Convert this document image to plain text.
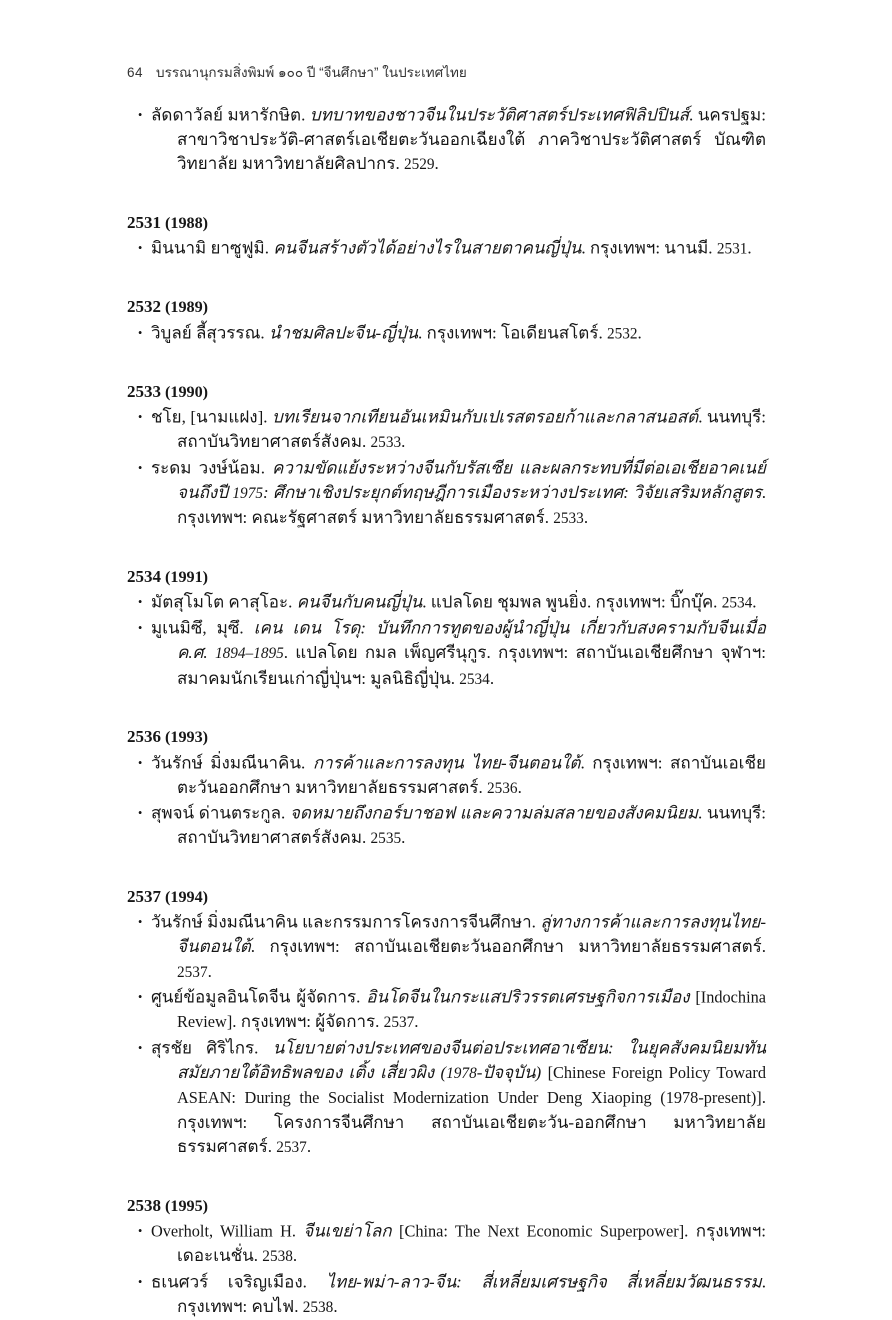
64 บรรณานุกรมสิ่งพิมพ์ ๑๐๐ ปี “จีนศึกษา” ในประเทศไทย
• ลัดดาวัลย์ มหารักษิต. บทบาทของชาวจีนในประวัติศาสตร์ประเทศฟิลิปปินส์. นครปฐม: สาขาวิชาประวัติ-ศาสตร์เอเชียตะวันออกเฉียงใต้ ภาควิชาประวัติศาสตร์ บัณฑิตวิทยาลัย มหาวิทยาลัยศิลปากร. 2529.
2531 (1988)
• มินนามิ ยาซูฟูมิ. คนจีนสร้างตัวได้อย่างไรในสายตาคนญี่ปุ่น. กรุงเทพฯ: นานมี. 2531.
2532 (1989)
• วิบูลย์ ลี้สุวรรณ. นำชมศิลปะจีน-ญี่ปุ่น. กรุงเทพฯ: โอเดียนสโตร์. 2532.
2533 (1990)
• ชโย, [นามแฝง]. บทเรียนจากเทียนอันเหมินกับเปเรสตรอยก้าและกลาสนอสต์. นนทบุรี: สถาบันวิทยาศาสตร์สังคม. 2533.
• ระดม วงษ์น้อม. ความขัดแย้งระหว่างจีนกับรัสเซีย และผลกระทบที่มีต่อเอเชียอาคเนย์จนถึงปี 1975: ศึกษาเชิงประยุกต์ทฤษฎีการเมืองระหว่างประเทศ: วิจัยเสริมหลักสูตร. กรุงเทพฯ: คณะรัฐศาสตร์ มหาวิทยาลัยธรรมศาสตร์. 2533.
2534 (1991)
• มัตสุโมโต คาสุโอะ. คนจีนกับคนญี่ปุ่น. แปลโดย ชุมพล พูนยิ่ง. กรุงเทพฯ: บิ๊กบุ๊ค. 2534.
• มูเนมิซึ, มุซึ. เคน เดน โรดุ: บันทึกการทูตของผู้นำญี่ปุ่น เกี่ยวกับสงครามกับจีนเมื่อ ค.ศ. 1894–1895. แปลโดย กมล เพ็ญศรีนุกูร. กรุงเทพฯ: สถาบันเอเชียศึกษา จุฬาฯ: สมาคมนักเรียนเก่าญี่ปุ่นฯ: มูลนิธิญี่ปุ่น. 2534.
2536 (1993)
• วันรักษ์ มิ่งมณีนาคิน. การค้าและการลงทุน ไทย-จีนตอนใต้. กรุงเทพฯ: สถาบันเอเชียตะวันออกศึกษา มหาวิทยาลัยธรรมศาสตร์. 2536.
• สุพจน์ ด่านตระกูล. จดหมายถึงกอร์บาชอฟ และความล่มสลายของสังคมนิยม. นนทบุรี: สถาบันวิทยาศาสตร์สังคม. 2535.
2537 (1994)
• วันรักษ์ มิ่งมณีนาคิน และกรรมการโครงการจีนศึกษา. ลู่ทางการค้าและการลงทุนไทย-จีนตอนใต้. กรุงเทพฯ: สถาบันเอเชียตะวันออกศึกษา มหาวิทยาลัยธรรมศาสตร์. 2537.
• ศูนย์ข้อมูลอินโดจีน ผู้จัดการ. อินโดจีนในกระแสปริวรรตเศรษฐกิจการเมือง [Indochina Review]. กรุงเทพฯ: ผู้จัดการ. 2537.
• สุรชัย ศิริไกร. นโยบายต่างประเทศของจีนต่อประเทศอาเซียน: ในยุคสังคมนิยมทันสมัยภายใต้อิทธิพลของ เติ้ง เสี่ยวผิง (1978-ปัจจุบัน) [Chinese Foreign Policy Toward ASEAN: During the Socialist Modernization Under Deng Xiaoping (1978-present)]. กรุงเทพฯ: โครงการจีนศึกษา สถาบันเอเชียตะวัน-ออกศึกษา มหาวิทยาลัยธรรมศาสตร์. 2537.
2538 (1995)
• Overholt, William H. จีนเขย่าโลก [China: The Next Economic Superpower]. กรุงเทพฯ: เดอะเนชั่น. 2538.
• ธเนศวร์ เจริญเมือง. ไทย-พม่า-ลาว-จีน: สี่เหลี่ยมเศรษฐกิจ สี่เหลี่ยมวัฒนธรรม. กรุงเทพฯ: คบไฟ. 2538.
